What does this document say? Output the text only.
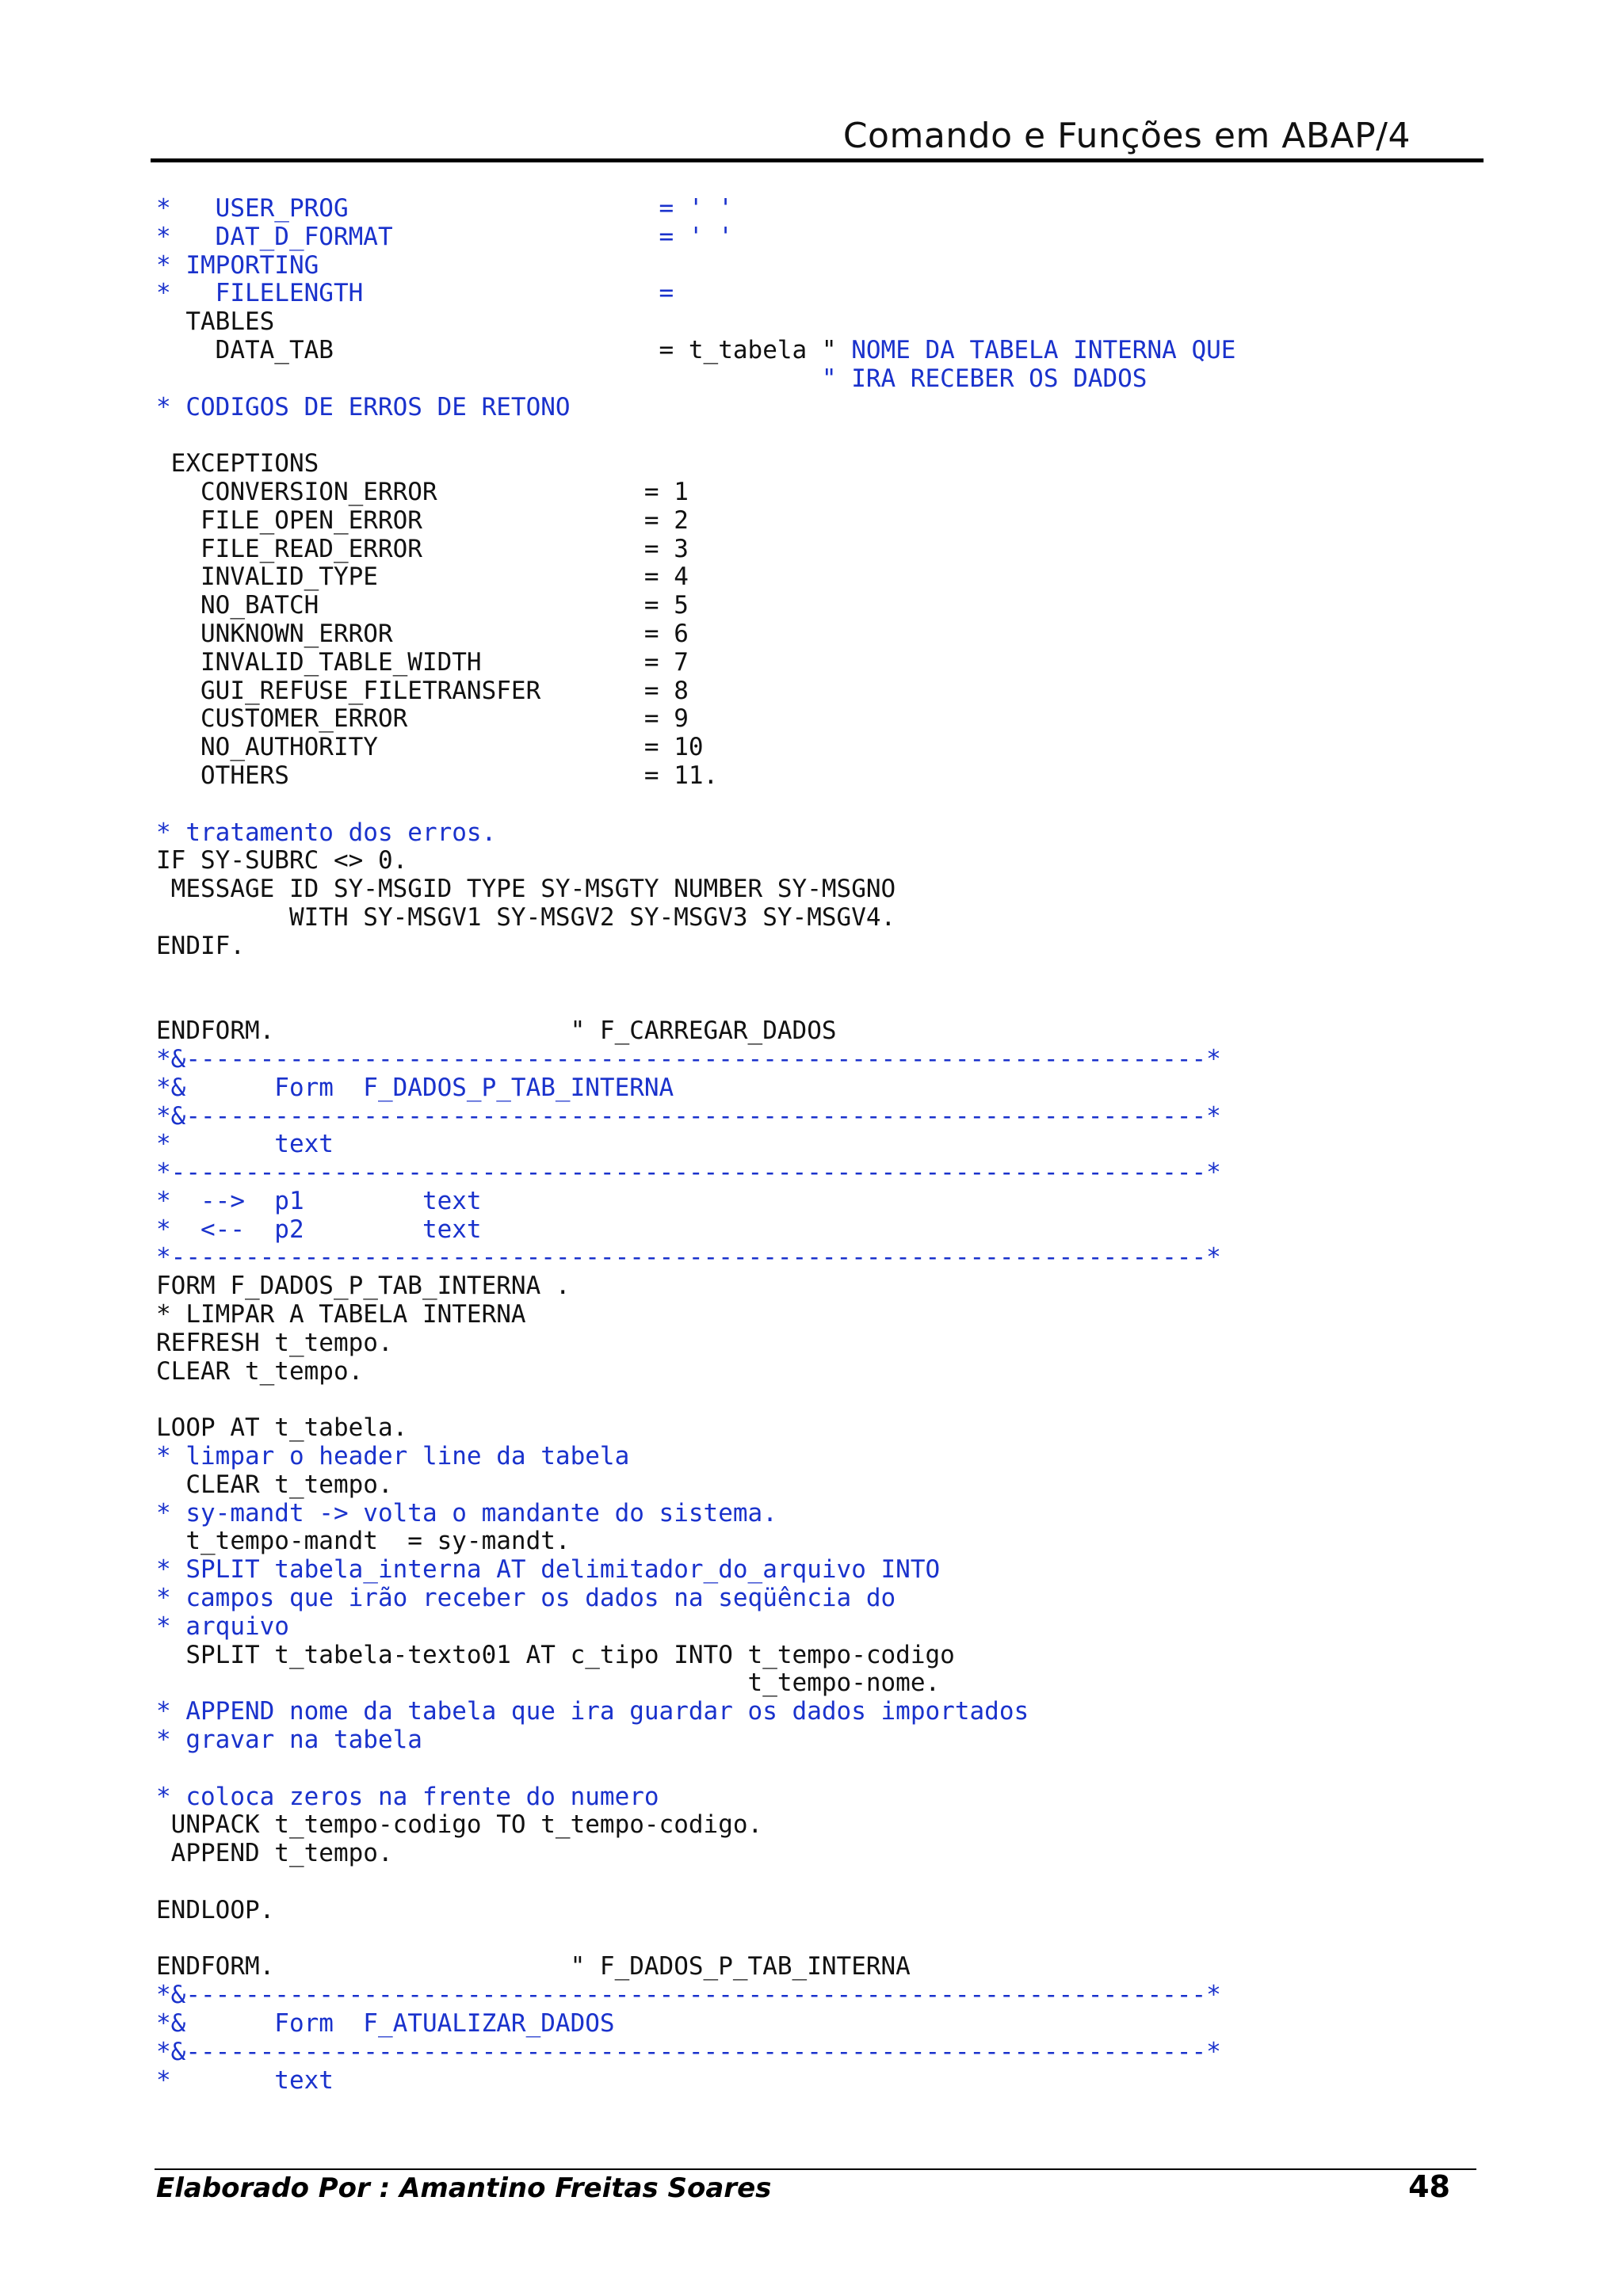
Comando e Funções em ABAP/4
*   USER_PROG                     = ' '
*   DAT_D_FORMAT                  = ' '
* IMPORTING
*   FILELENGTH                    =
TABLES
DATA_TAB                      = t_tabela " NOME DA TABELA INTERNA QUE
" IRA RECEBER OS DADOS
* CODIGOS DE ERROS DE RETONO
EXCEPTIONS
CONVERSION_ERROR              = 1
FILE_OPEN_ERROR               = 2
FILE_READ_ERROR               = 3
INVALID_TYPE                  = 4
NO_BATCH                      = 5
UNKNOWN_ERROR                 = 6
INVALID_TABLE_WIDTH           = 7
GUI_REFUSE_FILETRANSFER       = 8
CUSTOMER_ERROR                = 9
NO_AUTHORITY                  = 10
OTHERS                        = 11.
* tratamento dos erros.
IF SY-SUBRC <> 0.
MESSAGE ID SY-MSGID TYPE SY-MSGTY NUMBER SY-MSGNO
WITH SY-MSGV1 SY-MSGV2 SY-MSGV3 SY-MSGV4.
ENDIF.
ENDFORM.                    " F_CARREGAR_DADOS
*&---------------------------------------------------------------------*
*&      Form  F_DADOS_P_TAB_INTERNA
*&---------------------------------------------------------------------*
*       text
*----------------------------------------------------------------------*
*  -->  p1        text
*  <--  p2        text
*----------------------------------------------------------------------*
FORM F_DADOS_P_TAB_INTERNA .
* LIMPAR A TABELA INTERNA
REFRESH t_tempo.
CLEAR t_tempo.
LOOP AT t_tabela.
* limpar o header line da tabela
CLEAR t_tempo.
* sy-mandt -> volta o mandante do sistema.
t_tempo-mandt  = sy-mandt.
* SPLIT tabela_interna AT delimitador_do_arquivo INTO
* campos que irão receber os dados na seqüência do
* arquivo
SPLIT t_tabela-texto01 AT c_tipo INTO t_tempo-codigo
t_tempo-nome.
* APPEND nome da tabela que ira guardar os dados importados
* gravar na tabela
* coloca zeros na frente do numero
UNPACK t_tempo-codigo TO t_tempo-codigo.
APPEND t_tempo.
ENDLOOP.
ENDFORM.                    " F_DADOS_P_TAB_INTERNA
*&---------------------------------------------------------------------*
*&      Form  F_ATUALIZAR_DADOS
*&---------------------------------------------------------------------*
*       text
Elaborado Por : Amantino Freitas Soares	48
